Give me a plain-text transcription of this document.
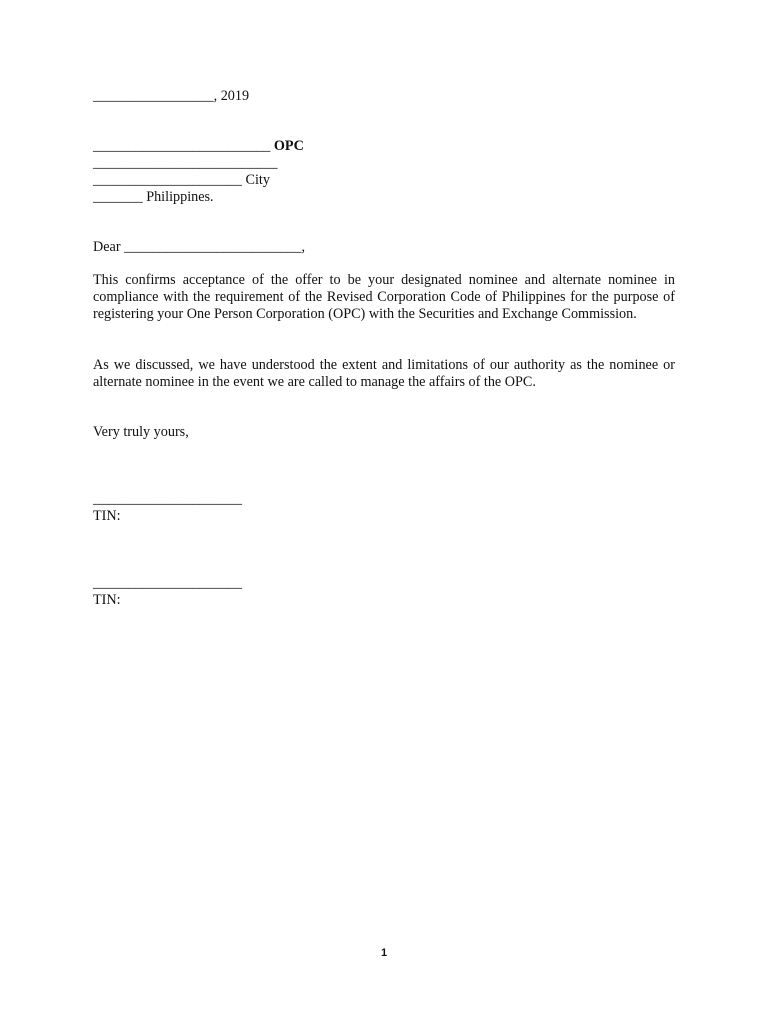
_________________, 2019
_________________________ OPC
__________________________
_____________________ City
_______ Philippines.
Dear _________________________,

This confirms acceptance of the offer to be your designated nominee and alternate nominee in compliance with the requirement of the Revised Corporation Code of Philippines for the purpose of registering your One Person Corporation (OPC) with the Securities and Exchange Commission.

As we discussed, we have understood the extent and limitations of our authority as the nominee or alternate nominee in the event we are called to manage the affairs of the OPC.

Very truly yours,
_____________________
TIN:
_____________________
TIN:
1
